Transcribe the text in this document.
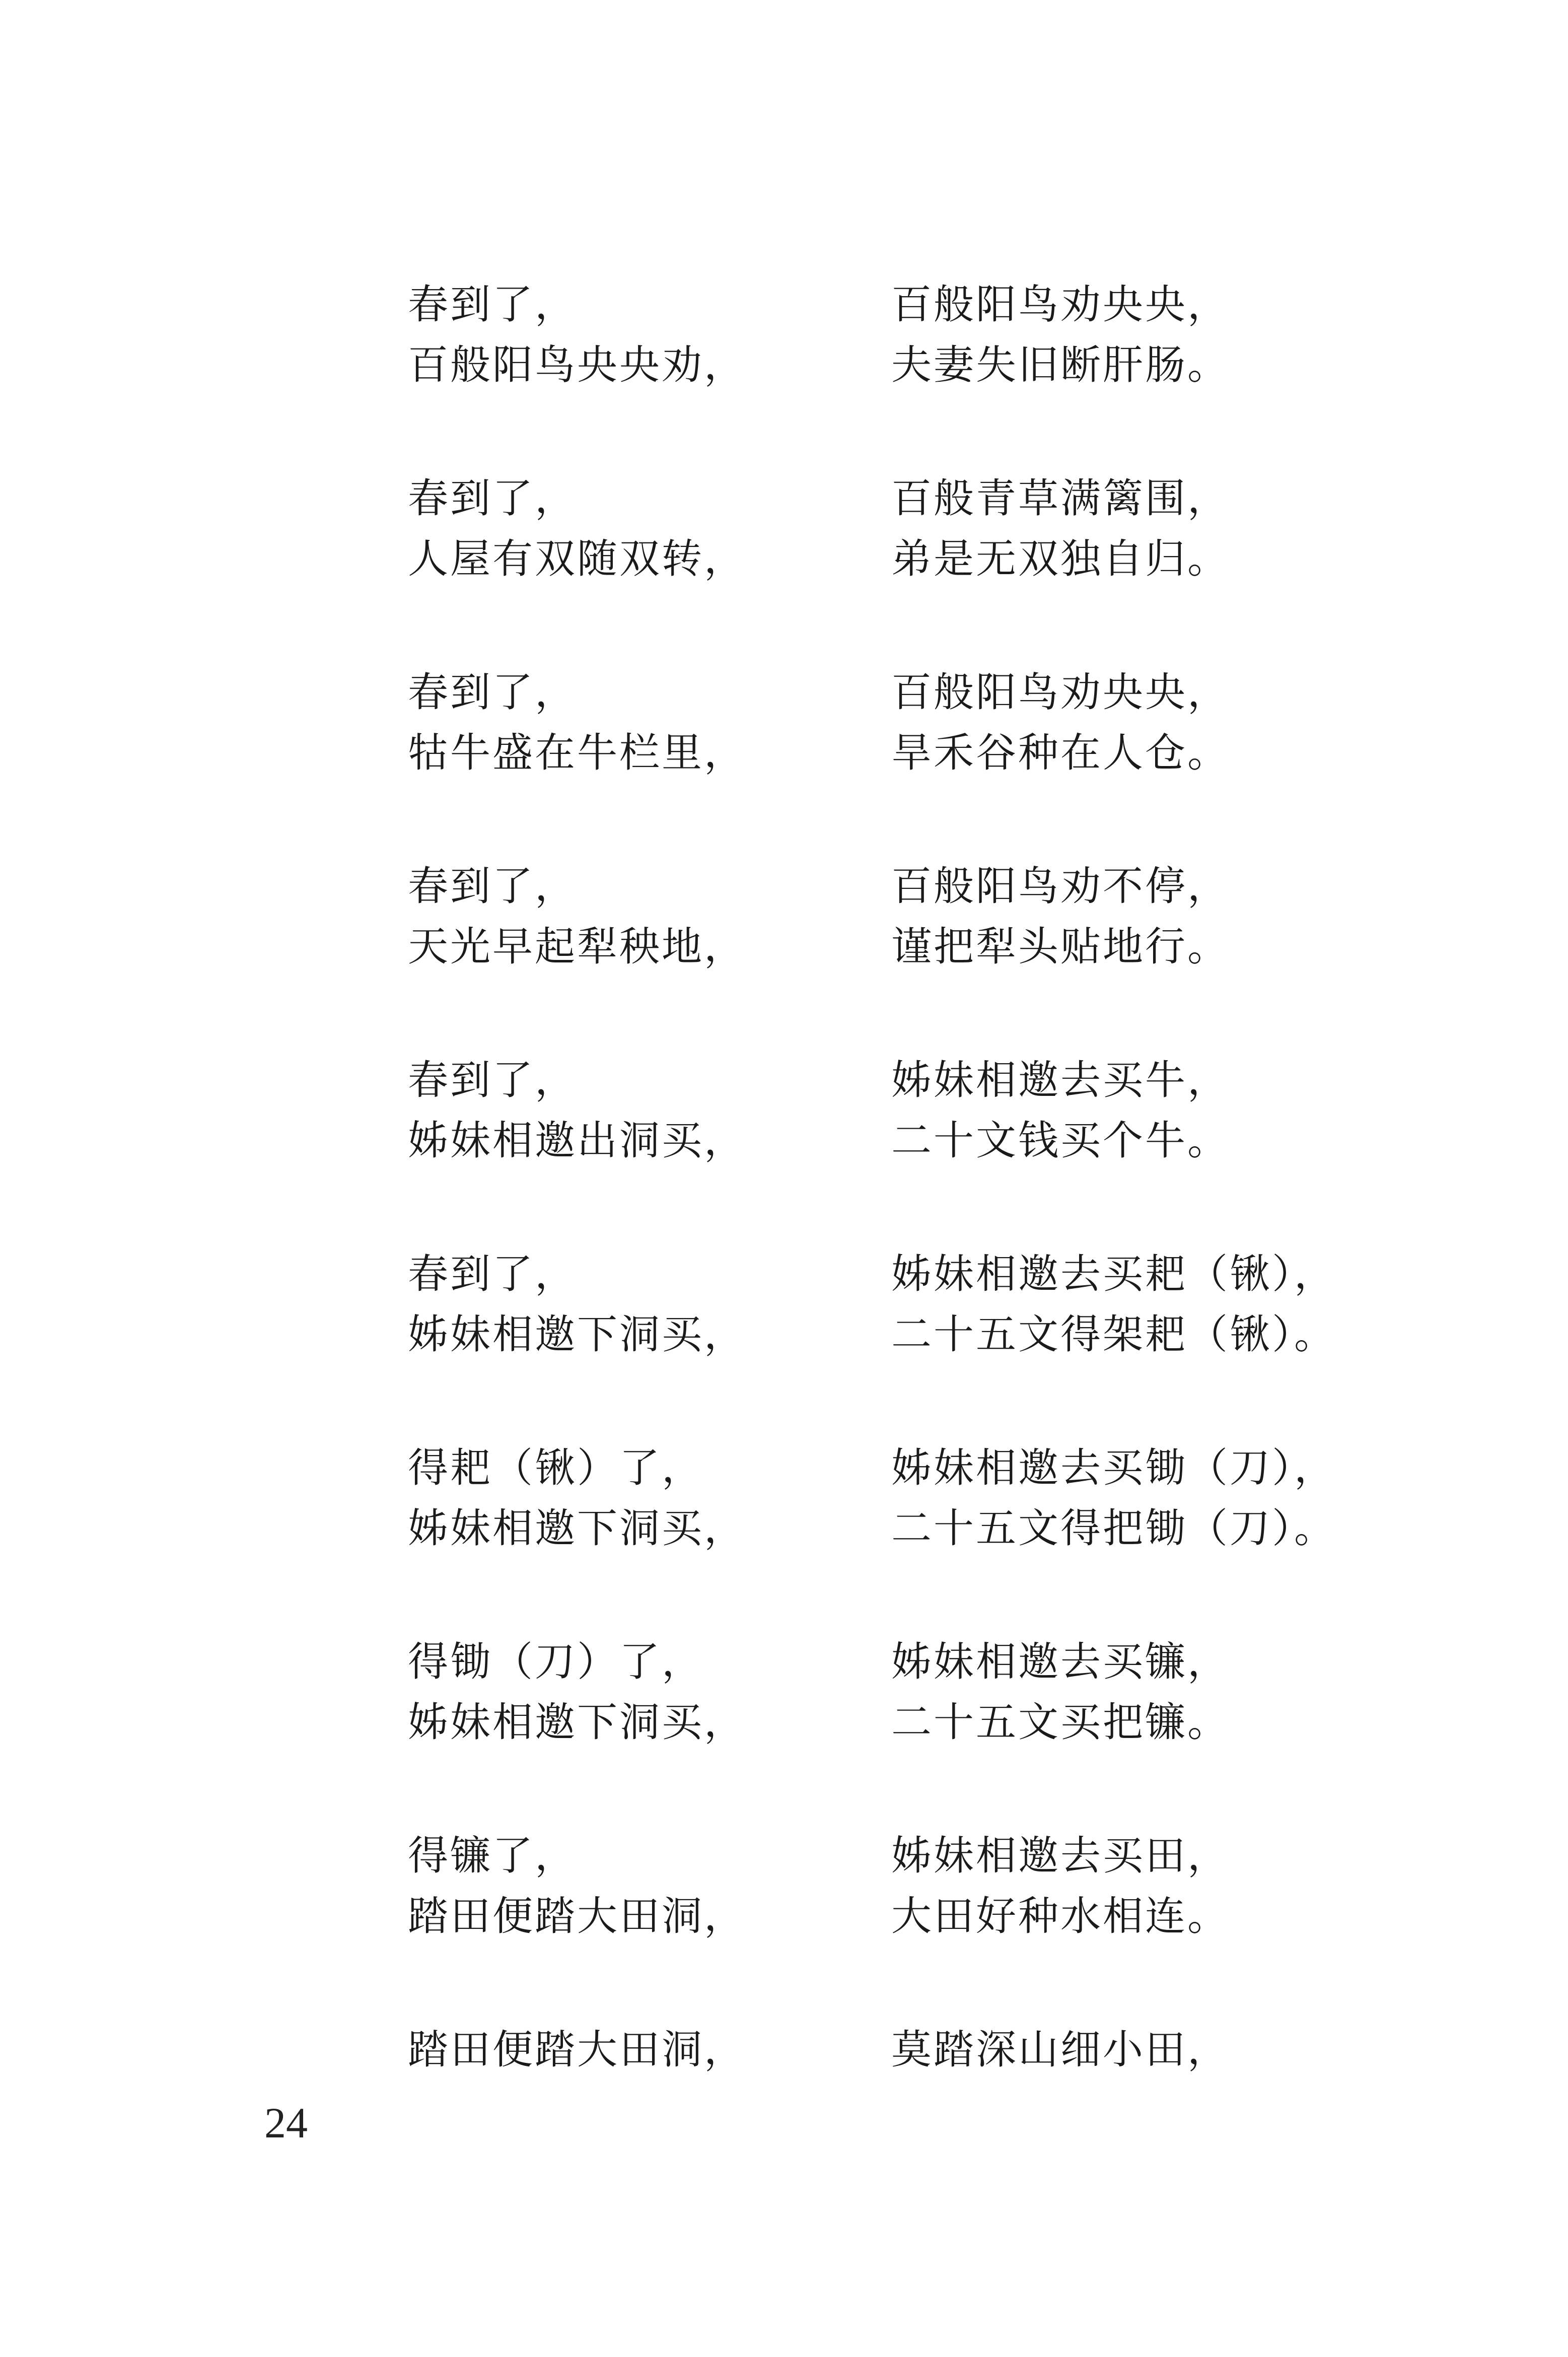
春到了，
百般阳鸟央央劝，
百般阳鸟劝央央，
夫妻失旧断肝肠。
春到了，
人屋有双随双转，
百般青草满篱围，
弟是无双独自归。
春到了，
牯牛盛在牛栏里，
百般阳鸟劝央央，
旱禾谷种在人仓。
春到了，
天光早起犁秧地，
百般阳鸟劝不停，
谨把犁头贴地行。
春到了，
姊妹相邀出洞买，
姊妹相邀去买牛，
二十文钱买个牛。
春到了，
姊妹相邀下洞买，
姊妹相邀去买耙（锹），
二十五文得架耙（锹）。
得耙（锹）了，
姊妹相邀下洞买，
姊妹相邀去买锄（刀），
二十五文得把锄（刀）。
得锄（刀）了，
姊妹相邀下洞买，
姊妹相邀去买镰，
二十五文买把镰。
得镰了，
踏田便踏大田洞，
姊妹相邀去买田，
大田好种水相连。
踏田便踏大田洞，	莫踏深山细小田，
24
